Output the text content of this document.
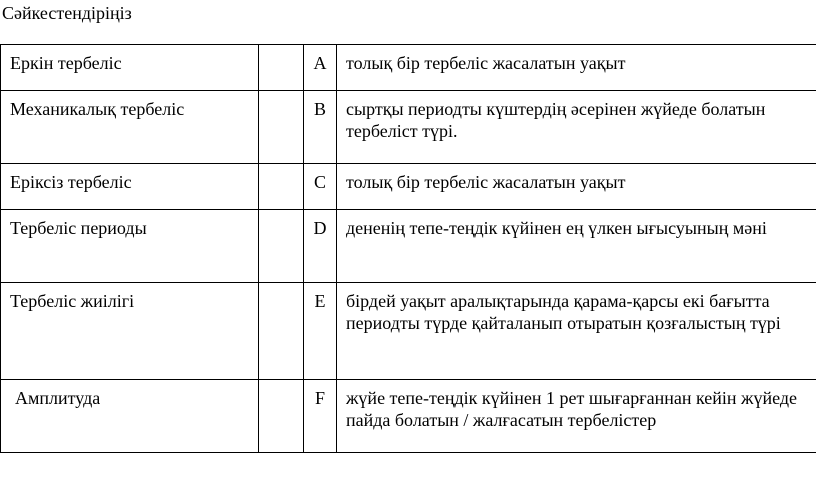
Сәйкестендіріңіз
Еркін тербеліс		A	толық бір тербеліс жасалатын уақыт
Механикалық тербеліс		B	сыртқы периодты күштердің әсерінен жүйеде болатын тербеліст түрі.
Еріксіз тербеліс		C	толық бір тербеліс жасалатын уақыт
Тербеліс периоды		D	дененің тепе-теңдік күйінен ең үлкен ығысуының мәні
Тербеліс жиілігі		E	бірдей уақыт аралықтарында қарама-қарсы екі бағытта периодты түрде қайталанып отыратын қозғалыстың түрі
Амплитуда		F	жүйе тепе-теңдік күйінен 1 рет шығарғаннан кейін жүйеде пайда болатын / жалғасатын тербелістер
